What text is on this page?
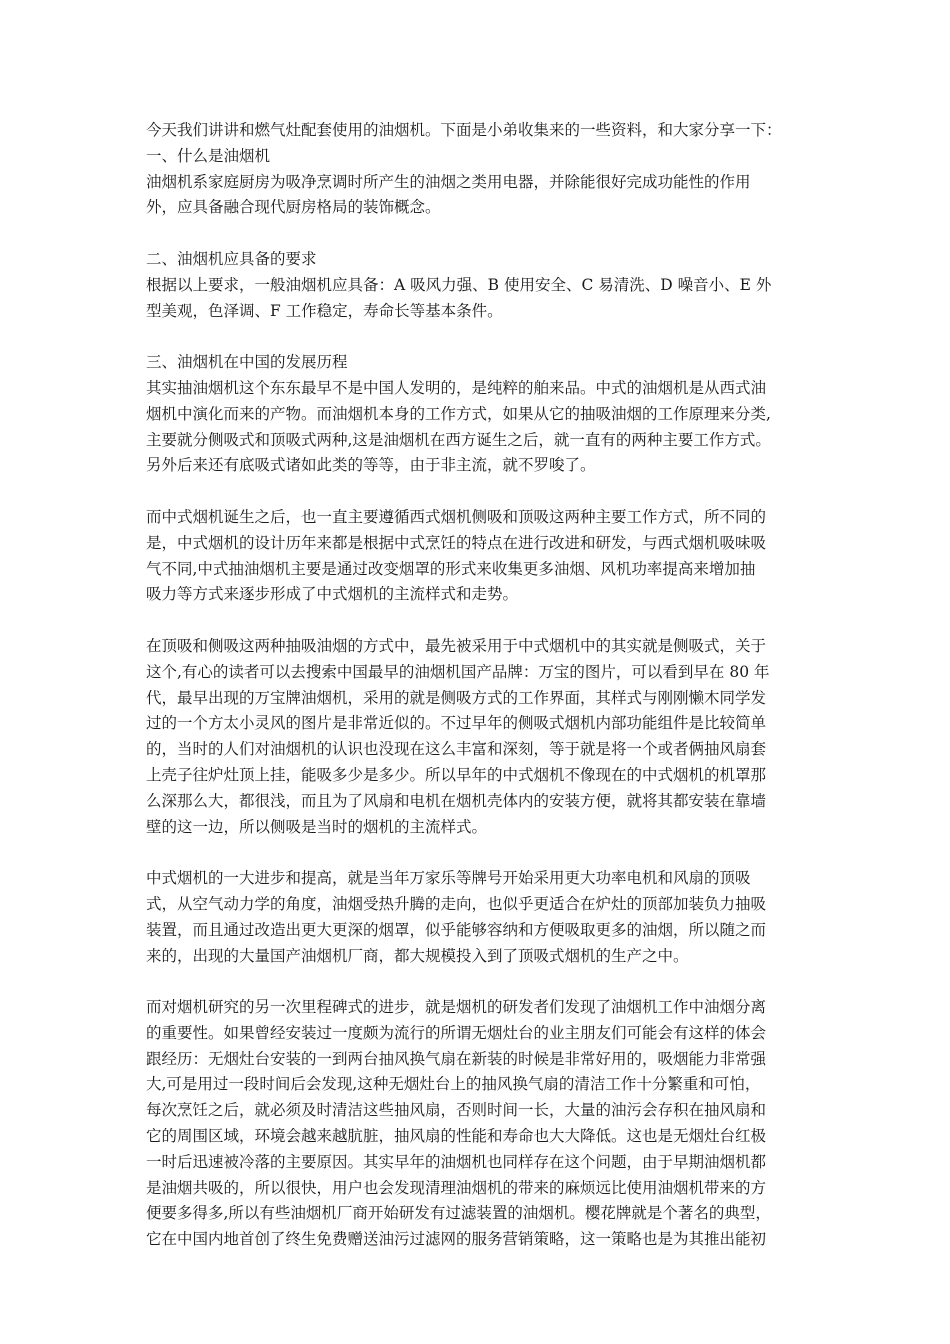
今天我们讲讲和燃气灶配套使用的油烟机。下面是小弟收集来的一些资料，和大家分享一下：
一、什么是油烟机
油烟机系家庭厨房为吸净烹调时所产生的油烟之类用电器，并除能很好完成功能性的作用
外，应具备融合现代厨房格局的装饰概念。
二、油烟机应具备的要求
根据以上要求，一般油烟机应具备：A 吸风力强、B 使用安全、C 易清洗、D 噪音小、E 外
型美观，色泽调、F 工作稳定，寿命长等基本条件。
三、油烟机在中国的发展历程
其实抽油烟机这个东东最早不是中国人发明的，是纯粹的舶来品。中式的油烟机是从西式油
烟机中演化而来的产物。而油烟机本身的工作方式，如果从它的抽吸油烟的工作原理来分类,
主要就分侧吸式和顶吸式两种,这是油烟机在西方诞生之后，就一直有的两种主要工作方式。
另外后来还有底吸式诸如此类的等等，由于非主流，就不罗唆了。
而中式烟机诞生之后，也一直主要遵循西式烟机侧吸和顶吸这两种主要工作方式，所不同的
是，中式烟机的设计历年来都是根据中式烹饪的特点在进行改进和研发，与西式烟机吸味吸
气不同,中式抽油烟机主要是通过改变烟罩的形式来收集更多油烟、风机功率提高来增加抽
吸力等方式来逐步形成了中式烟机的主流样式和走势。
在顶吸和侧吸这两种抽吸油烟的方式中，最先被采用于中式烟机中的其实就是侧吸式，关于
这个,有心的读者可以去搜索中国最早的油烟机国产品牌：万宝的图片，可以看到早在 80 年
代，最早出现的万宝牌油烟机，采用的就是侧吸方式的工作界面，其样式与刚刚懒木同学发
过的一个方太小灵风的图片是非常近似的。不过早年的侧吸式烟机内部功能组件是比较简单
的，当时的人们对油烟机的认识也没现在这么丰富和深刻，等于就是将一个或者俩抽风扇套
上壳子往炉灶顶上挂，能吸多少是多少。所以早年的中式烟机不像现在的中式烟机的机罩那
么深那么大，都很浅，而且为了风扇和电机在烟机壳体内的安装方便，就将其都安装在靠墙
壁的这一边，所以侧吸是当时的烟机的主流样式。
中式烟机的一大进步和提高，就是当年万家乐等牌号开始采用更大功率电机和风扇的顶吸
式，从空气动力学的角度，油烟受热升腾的走向，也似乎更适合在炉灶的顶部加装负力抽吸
装置，而且通过改造出更大更深的烟罩，似乎能够容纳和方便吸取更多的油烟，所以随之而
来的，出现的大量国产油烟机厂商，都大规模投入到了顶吸式烟机的生产之中。
而对烟机研究的另一次里程碑式的进步，就是烟机的研发者们发现了油烟机工作中油烟分离
的重要性。如果曾经安装过一度颇为流行的所谓无烟灶台的业主朋友们可能会有这样的体会
跟经历：无烟灶台安装的一到两台抽风换气扇在新装的时候是非常好用的，吸烟能力非常强
大,可是用过一段时间后会发现,这种无烟灶台上的抽风换气扇的清洁工作十分繁重和可怕，
每次烹饪之后，就必须及时清洁这些抽风扇，否则时间一长，大量的油污会存积在抽风扇和
它的周围区域，环境会越来越肮脏，抽风扇的性能和寿命也大大降低。这也是无烟灶台红极
一时后迅速被冷落的主要原因。其实早年的油烟机也同样存在这个问题，由于早期油烟机都
是油烟共吸的，所以很快，用户也会发现清理油烟机的带来的麻烦远比使用油烟机带来的方
便要多得多,所以有些油烟机厂商开始研发有过滤装置的油烟机。樱花牌就是个著名的典型，
它在中国内地首创了终生免费赠送油污过滤网的服务营销策略，这一策略也是为其推出能初
